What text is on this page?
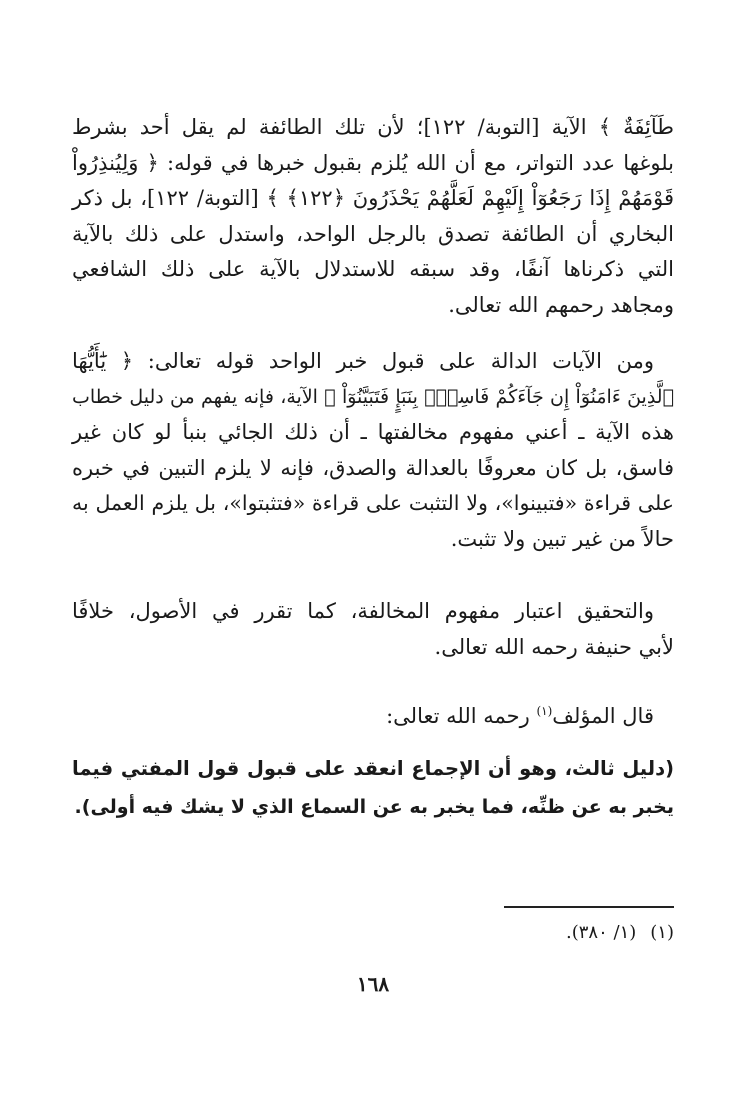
طَآئِفَةٌ ﴾ الآية [التوبة/ ١٢٢]؛ لأن تلك الطائفة لم يقل أحد بشرط
بلوغها عدد التواتر، مع أن الله يُلزم بقبول خبرها في قوله: ﴿ وَلِيُنذِرُواْ
قَوْمَهُمْ إِذَا رَجَعُوٓاْ إِلَيْهِمْ لَعَلَّهُمْ يَحْذَرُونَ ﴿١٢٢﴾ ﴾ [التوبة/ ١٢٢]، بل ذكر
البخاري أن الطائفة تصدق بالرجل الواحد، واستدل على ذلك بالآية
التي ذكرناها آنفًا، وقد سبقه للاستدلال بالآية على ذلك الشافعي
ومجاهد رحمهم الله تعالى.
ومن الآيات الدالة على قبول خبر الواحد قوله تعالى: ﴿ يَٰٓأَيُّهَا
ٱلَّذِينَ ءَامَنُوٓاْ إِن جَآءَكُمْ فَاسِقٌۢ بِنَبَإٍ فَتَبَيَّنُوٓاْ ﴾ الآية، فإنه يفهم من دليل خطاب
هذه الآية ـ أعني مفهوم مخالفتها ـ أن ذلك الجائي بنبأ لو كان غير
فاسق، بل كان معروفًا بالعدالة والصدق، فإنه لا يلزم التبين في خبره
على قراءة «فتبينوا»، ولا التثبت على قراءة «فتثبتوا»، بل يلزم العمل به
حالاً من غير تبين ولا تثبت.
والتحقيق اعتبار مفهوم المخالفة، كما تقرر في الأصول، خلافًا
لأبي حنيفة رحمه الله تعالى.
قال المؤلف$^{(١)}$ رحمه الله تعالى:
(دليل ثالث، وهو أن الإجماع انعقد على قبول قول المفتي فيما
يخبر به عن ظنِّه، فما يخبر به عن السماع الذي لا يشك فيه أولى).
(١)(١/ ٣٨٠).
١٦٨
